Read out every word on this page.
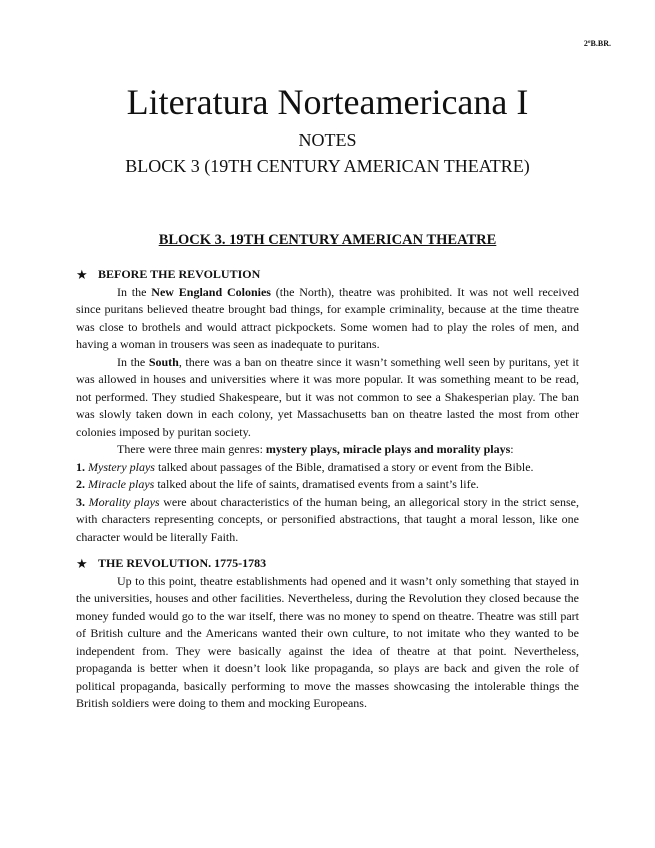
2ºB.BR.
Literatura Norteamericana I
NOTES
BLOCK 3 (19TH CENTURY AMERICAN THEATRE)
BLOCK 3. 19TH CENTURY AMERICAN THEATRE
★ BEFORE THE REVOLUTION

In the New England Colonies (the North), theatre was prohibited. It was not well received since puritans believed theatre brought bad things, for example criminality, because at the time theatre was close to brothels and would attract pickpockets. Some women had to play the roles of men, and having a woman in trousers was seen as inadequate to puritans.

In the South, there was a ban on theatre since it wasn’t something well seen by puritans, yet it was allowed in houses and universities where it was more popular. It was something meant to be read, not performed. They studied Shakespeare, but it was not common to see a Shakesperian play. The ban was slowly taken down in each colony, yet Massachusetts ban on theatre lasted the most from other colonies imposed by puritan society.

There were three main genres: mystery plays, miracle plays and morality plays:

1. Mystery plays talked about passages of the Bible, dramatised a story or event from the Bible.

2. Miracle plays talked about the life of saints, dramatised events from a saint’s life.

3. Morality plays were about characteristics of the human being, an allegorical story in the strict sense, with characters representing concepts, or personified abstractions, that taught a moral lesson, like one character would be literally Faith.

★ THE REVOLUTION. 1775-1783

Up to this point, theatre establishments had opened and it wasn’t only something that stayed in the universities, houses and other facilities. Nevertheless, during the Revolution they closed because the money funded would go to the war itself, there was no money to spend on theatre. Theatre was still part of British culture and the Americans wanted their own culture, to not imitate who they wanted to be independent from. They were basically against the idea of theatre at that point. Nevertheless, propaganda is better when it doesn’t look like propaganda, so plays are back and given the role of political propaganda, basically performing to move the masses showcasing the intolerable things the British soldiers were doing to them and mocking Europeans.
